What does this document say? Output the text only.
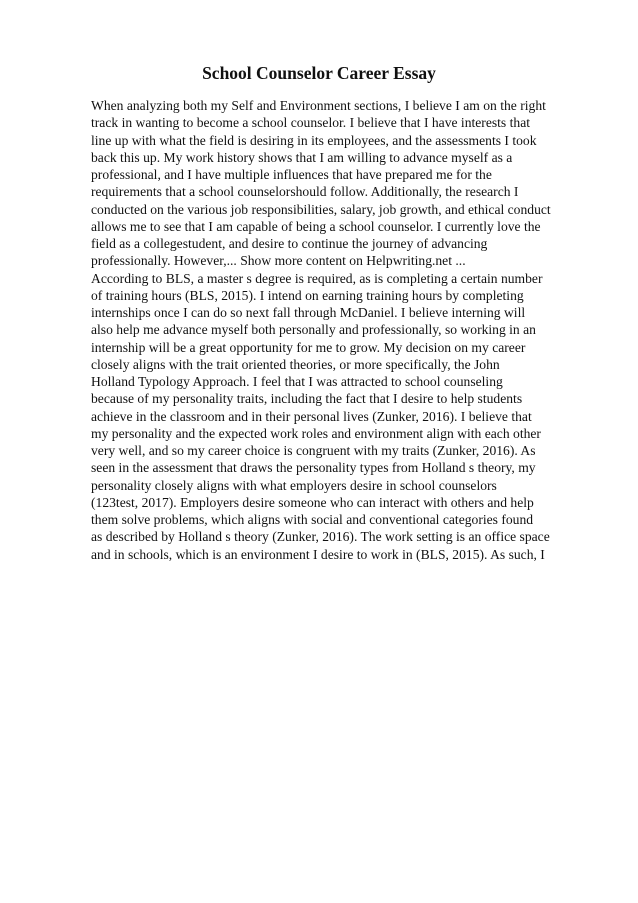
School Counselor Career Essay
When analyzing both my Self and Environment sections, I believe I am on the right
track in wanting to become a school counselor. I believe that I have interests that
line up with what the field is desiring in its employees, and the assessments I took
back this up. My work history shows that I am willing to advance myself as a
professional, and I have multiple influences that have prepared me for the
requirements that a school counselorshould follow. Additionally, the research I
conducted on the various job responsibilities, salary, job growth, and ethical conduct
allows me to see that I am capable of being a school counselor. I currently love the
field as a collegestudent, and desire to continue the journey of advancing
professionally. However,... Show more content on Helpwriting.net ...
According to BLS, a master s degree is required, as is completing a certain number
of training hours (BLS, 2015). I intend on earning training hours by completing
internships once I can do so next fall through McDaniel. I believe interning will
also help me advance myself both personally and professionally, so working in an
internship will be a great opportunity for me to grow. My decision on my career
closely aligns with the trait oriented theories, or more specifically, the John
Holland Typology Approach. I feel that I was attracted to school counseling
because of my personality traits, including the fact that I desire to help students
achieve in the classroom and in their personal lives (Zunker, 2016). I believe that
my personality and the expected work roles and environment align with each other
very well, and so my career choice is congruent with my traits (Zunker, 2016). As
seen in the assessment that draws the personality types from Holland s theory, my
personality closely aligns with what employers desire in school counselors
(123test, 2017). Employers desire someone who can interact with others and help
them solve problems, which aligns with social and conventional categories found
as described by Holland s theory (Zunker, 2016). The work setting is an office space
and in schools, which is an environment I desire to work in (BLS, 2015). As such, I
